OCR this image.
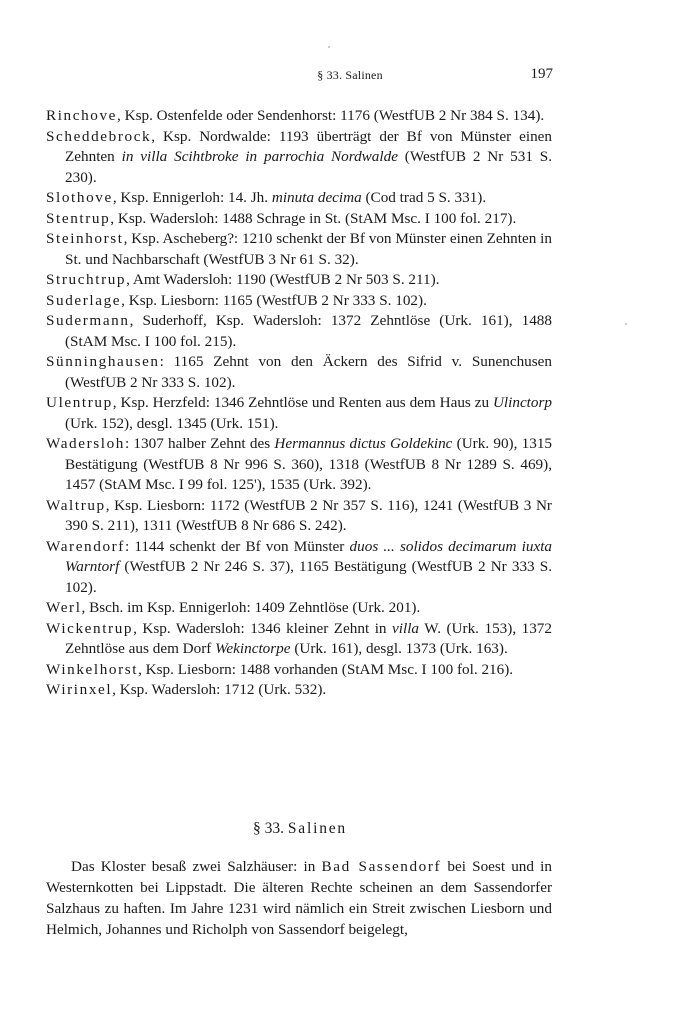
§ 33. Salinen	197

Rinchove, Ksp. Ostenfelde oder Sendenhorst: 1176 (WestfUB 2 Nr 384 S. 134).

Scheddebrock, Ksp. Nordwalde: 1193 überträgt der Bf von Münster einen Zehnten in villa Scihtbroke in parrochia Nordwalde (WestfUB 2 Nr 531 S. 230).

Slothove, Ksp. Ennigerloh: 14. Jh. minuta decima (Cod trad 5 S. 331).

Stentrup, Ksp. Wadersloh: 1488 Schrage in St. (StAM Msc. I 100 fol. 217).

Steinhorst, Ksp. Ascheberg?: 1210 schenkt der Bf von Münster einen Zehnten in St. und Nachbarschaft (WestfUB 3 Nr 61 S. 32).

Struchtrup, Amt Wadersloh: 1190 (WestfUB 2 Nr 503 S. 211).

Suderlage, Ksp. Liesborn: 1165 (WestfUB 2 Nr 333 S. 102).

Sudermann, Suderhoff, Ksp. Wadersloh: 1372 Zehntlöse (Urk. 161), 1488 (StAM Msc. I 100 fol. 215).

Sünninghausen: 1165 Zehnt von den Äckern des Sifrid v. Sunenchusen (WestfUB 2 Nr 333 S. 102).

Ulentrup, Ksp. Herzfeld: 1346 Zehntlöse und Renten aus dem Haus zu Ulinctorp (Urk. 152), desgl. 1345 (Urk. 151).

Wadersloh: 1307 halber Zehnt des Hermannus dictus Goldekinc (Urk. 90), 1315 Bestätigung (WestfUB 8 Nr 996 S. 360), 1318 (WestfUB 8 Nr 1289 S. 469), 1457 (StAM Msc. I 99 fol. 125'), 1535 (Urk. 392).

Waltrup, Ksp. Liesborn: 1172 (WestfUB 2 Nr 357 S. 116), 1241 (WestfUB 3 Nr 390 S. 211), 1311 (WestfUB 8 Nr 686 S. 242).

Warendorf: 1144 schenkt der Bf von Münster duos ... solidos decimarum iuxta Warntorf (WestfUB 2 Nr 246 S. 37), 1165 Bestätigung (WestfUB 2 Nr 333 S. 102).

Werl, Bsch. im Ksp. Ennigerloh: 1409 Zehntlöse (Urk. 201).

Wickentrup, Ksp. Wadersloh: 1346 kleiner Zehnt in villa W. (Urk. 153), 1372 Zehntlöse aus dem Dorf Wekinctorpe (Urk. 161), desgl. 1373 (Urk. 163).

Winkelhorst, Ksp. Liesborn: 1488 vorhanden (StAM Msc. I 100 fol. 216).

Wirinxel, Ksp. Wadersloh: 1712 (Urk. 532).

§ 33. Salinen

Das Kloster besaß zwei Salzhäuser: in Bad Sassendorf bei Soest und in Westernkotten bei Lippstadt. Die älteren Rechte scheinen an dem Sassendorfer Salzhaus zu haften. Im Jahre 1231 wird nämlich ein Streit zwischen Liesborn und Helmich, Johannes und Richolph von Sassendorf beigelegt,
